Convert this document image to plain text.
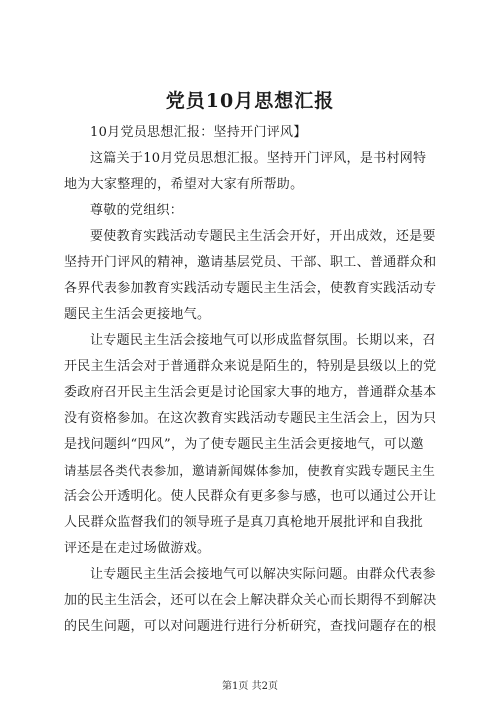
党员10月思想汇报
10月党员思想汇报：坚持开门评风】
这篇关于10月党员思想汇报。坚持开门评风，是书村网特
地为大家整理的，希望对大家有所帮助。
尊敬的党组织：
要使教育实践活动专题民主生活会开好，开出成效，还是要
坚持开门评风的精神，邀请基层党员、干部、职工、普通群众和
各界代表参加教育实践活动专题民主生活会，使教育实践活动专
题民主生活会更接地气。
让专题民主生活会接地气可以形成监督氛围。长期以来，召
开民主生活会对于普通群众来说是陌生的，特别是县级以上的党
委政府召开民主生活会更是讨论国家大事的地方，普通群众基本
没有资格参加。在这次教育实践活动专题民主生活会上，因为只
是找问题纠“四风”，为了使专题民主生活会更接地气，可以邀
请基层各类代表参加，邀请新闻媒体参加，使教育实践专题民主生
活会公开透明化。使人民群众有更多参与感，也可以通过公开让
人民群众监督我们的领导班子是真刀真枪地开展批评和自我批
评还是在走过场做游戏。
让专题民主生活会接地气可以解决实际问题。由群众代表参
加的民主生活会，还可以在会上解决群众关心而长期得不到解决
的民生问题，可以对问题进行进行分析研究，查找问题存在的根
第1页 共2页
